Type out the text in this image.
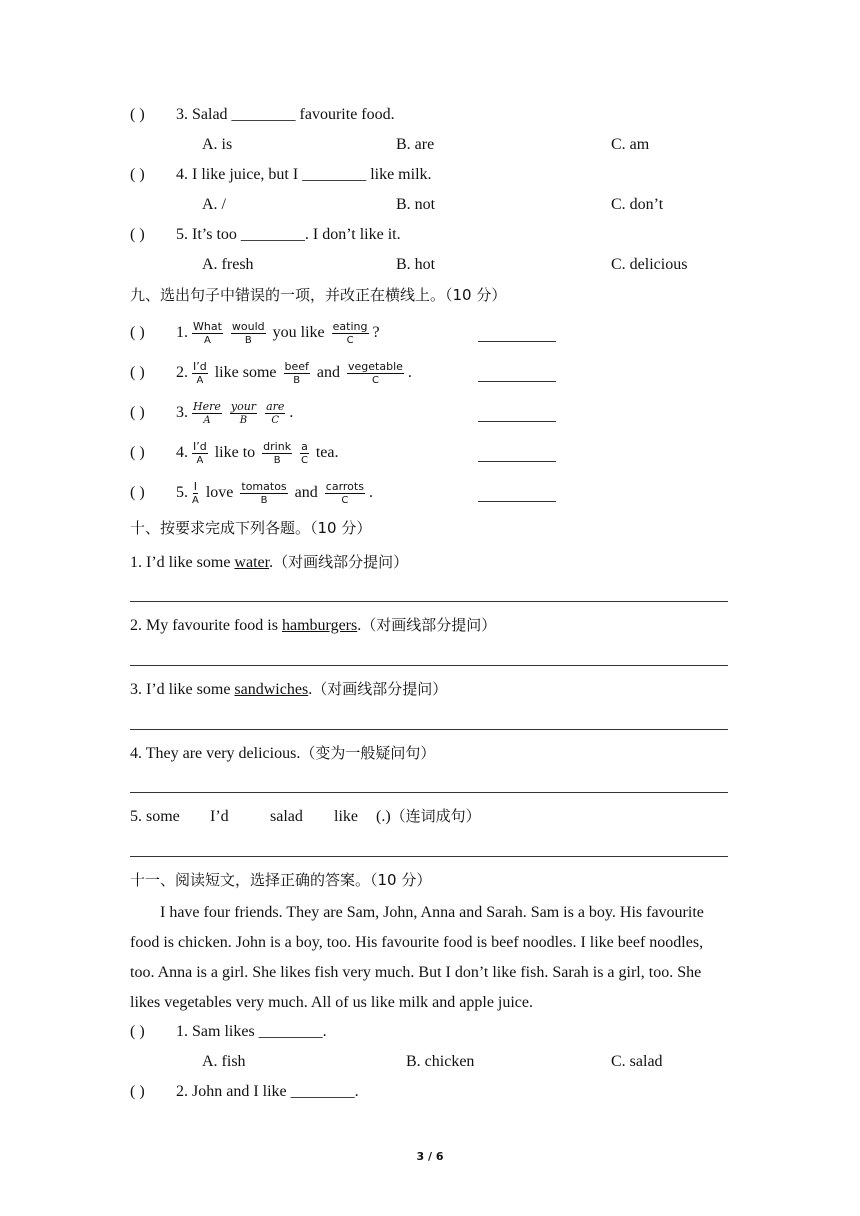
( ) 3. Salad ________ favourite food.
A. is	B. are	C. am
( ) 4. I like juice, but I ________ like milk.
A. /	B. not	C. don’t
( ) 5. It’s too ________. I don’t like it.
A. fresh	B. hot	C. delicious
九、选出句子中错误的一项，并改正在横线上。（10 分）
( ) 1. $\frac{\text{What}}{A} \frac{\text{would}}{B}$ you like $\frac{\text{eating}}{C}$ ?
( ) 2. $\frac{I’d}{A}$ like some $\frac{\text{beef}}{B}$ and $\frac{\text{vegetable}}{C}$ .
( ) 3. $\frac{\text{Here}}{A} \frac{\text{your}}{B} \frac{\text{are}}{C}$ .
( ) 4. $\frac{I’d}{A}$ like to $\frac{\text{drink}}{B} \frac{a}{C}$ tea.
( ) 5. $\frac{I}{A}$ love $\frac{\text{tomatos}}{B}$ and $\frac{\text{carrots}}{C}$ .
十、按要求完成下列各题。（10 分）
1. I’d like some water.（对画线部分提问）
2. My favourite food is hamburgers.（对画线部分提问）
3. I’d like some sandwiches.（对画线部分提问）
4. They are very delicious.（变为一般疑问句）
5. some I’d	salad like (.)（连词成句）
十一、阅读短文，选择正确的答案。（10 分）
I have four friends. They are Sam, John, Anna and Sarah. Sam is a boy. His favourite food is chicken. John is a boy, too. His favourite food is beef noodles. I like beef noodles, too. Anna is a girl. She likes fish very much. But I don’t like fish. Sarah is a girl, too. She likes vegetables very much. All of us like milk and apple juice.
( ) 1. Sam likes ________.
A. fish	B. chicken	C. salad
( ) 2. John and I like ________.
3 / 6
